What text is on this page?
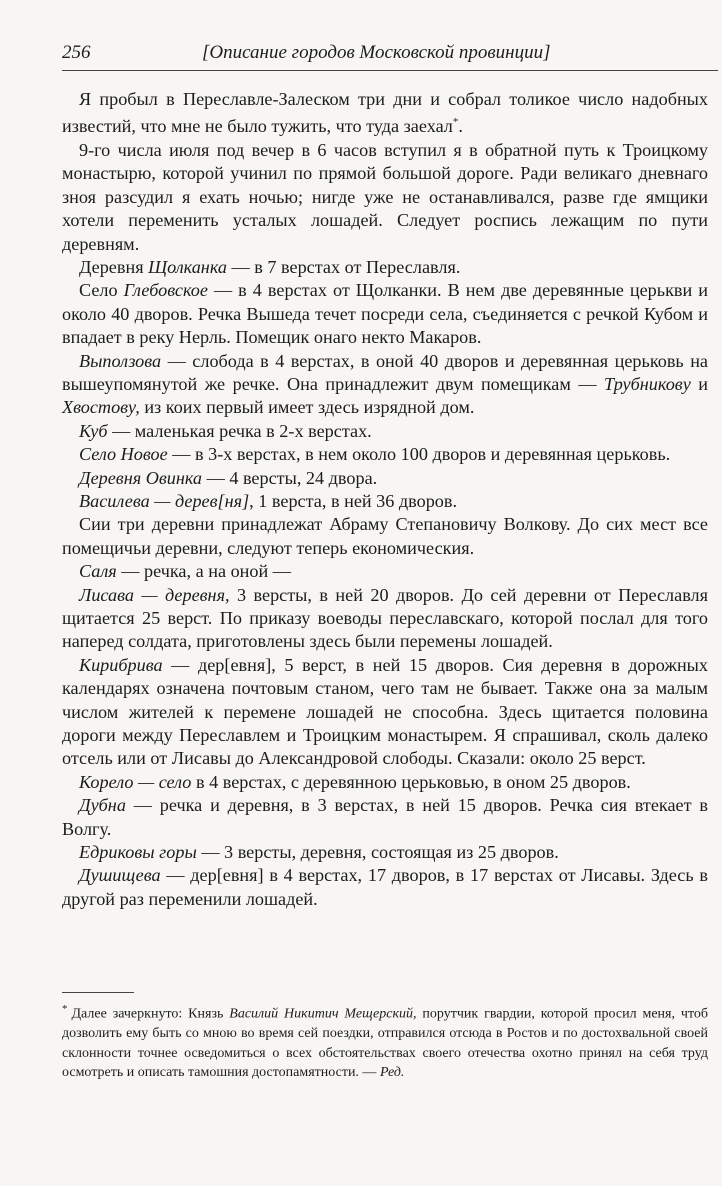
256	[Описание городов Московской провинции]

Я пробыл в Переславле-Залеском три дни и собрал толикое число надобных известий, что мне не было тужить, что туда заехал*.

9-го числа июля под вечер в 6 часов вступил я в обратной путь к Троицкому монастырю, которой учинил по прямой большой дороге. Ради великаго дневнаго зноя разсудил я ехать ночью; нигде уже не останавливался, разве где ямщики хотели переменить усталых лошадей. Следует роспись лежащим по пути деревням.

Деревня Щолканка — в 7 верстах от Переславля.

Село Глебовское — в 4 верстах от Щолканки. В нем две деревянные церькви и около 40 дворов. Речка Вышеда течет посреди села, съединяется с речкой Кубом и впадает в реку Нерль. Помещик онаго некто Макаров.

Выползова — слобода в 4 верстах, в оной 40 дворов и деревянная церьковь на вышеупомянутой же речке. Она принадлежит двум помещикам — Трубникову и Хвостову, из коих первый имеет здесь изрядной дом.

Куб — маленькая речка в 2-х верстах.

Село Новое — в 3-х верстах, в нем около 100 дворов и деревянная церьковь.

Деревня Овинка — 4 версты, 24 двора.

Василева — дерев[ня], 1 верста, в ней 36 дворов.

Сии три деревни принадлежат Абраму Степановичу Волкову. До сих мест все помещичьи деревни, следуют теперь економическия.

Саля — речка, а на оной —

Лисава — деревня, 3 версты, в ней 20 дворов. До сей деревни от Переславля щитается 25 верст. По приказу воеводы переславскаго, которой послал для того наперед солдата, приготовлены здесь были перемены лошадей.

Кирибрива — дер[евня], 5 верст, в ней 15 дворов. Сия деревня в дорожных календарях означена почтовым станом, чего там не бывает. Также она за малым числом жителей к перемене лошадей не способна. Здесь щитается половина дороги между Переславлем и Троицким монастырем. Я спрашивал, сколь далеко отсель или от Лисавы до Александровой слободы. Сказали: около 25 верст.

Корело — село в 4 верстах, с деревянною церьковью, в оном 25 дворов.

Дубна — речка и деревня, в 3 верстах, в ней 15 дворов. Речка сия втекает в Волгу.

Едриковы горы — 3 версты, деревня, состоящая из 25 дворов.

Душищева — дер[евня] в 4 верстах, 17 дворов, в 17 верстах от Лисавы. Здесь в другой раз переменили лошадей.

* Далее зачеркнуто: Князь Василий Никитич Мещерский, порутчик гвардии, которой просил меня, чтоб дозволить ему быть со мною во время сей поездки, отправился отсюда в Ростов и по достохвальной своей склонности точнее осведомиться о всех обстоятельствах своего отечества охотно принял на себя труд осмотреть и описать тамошния достопамятности. — Ред.
